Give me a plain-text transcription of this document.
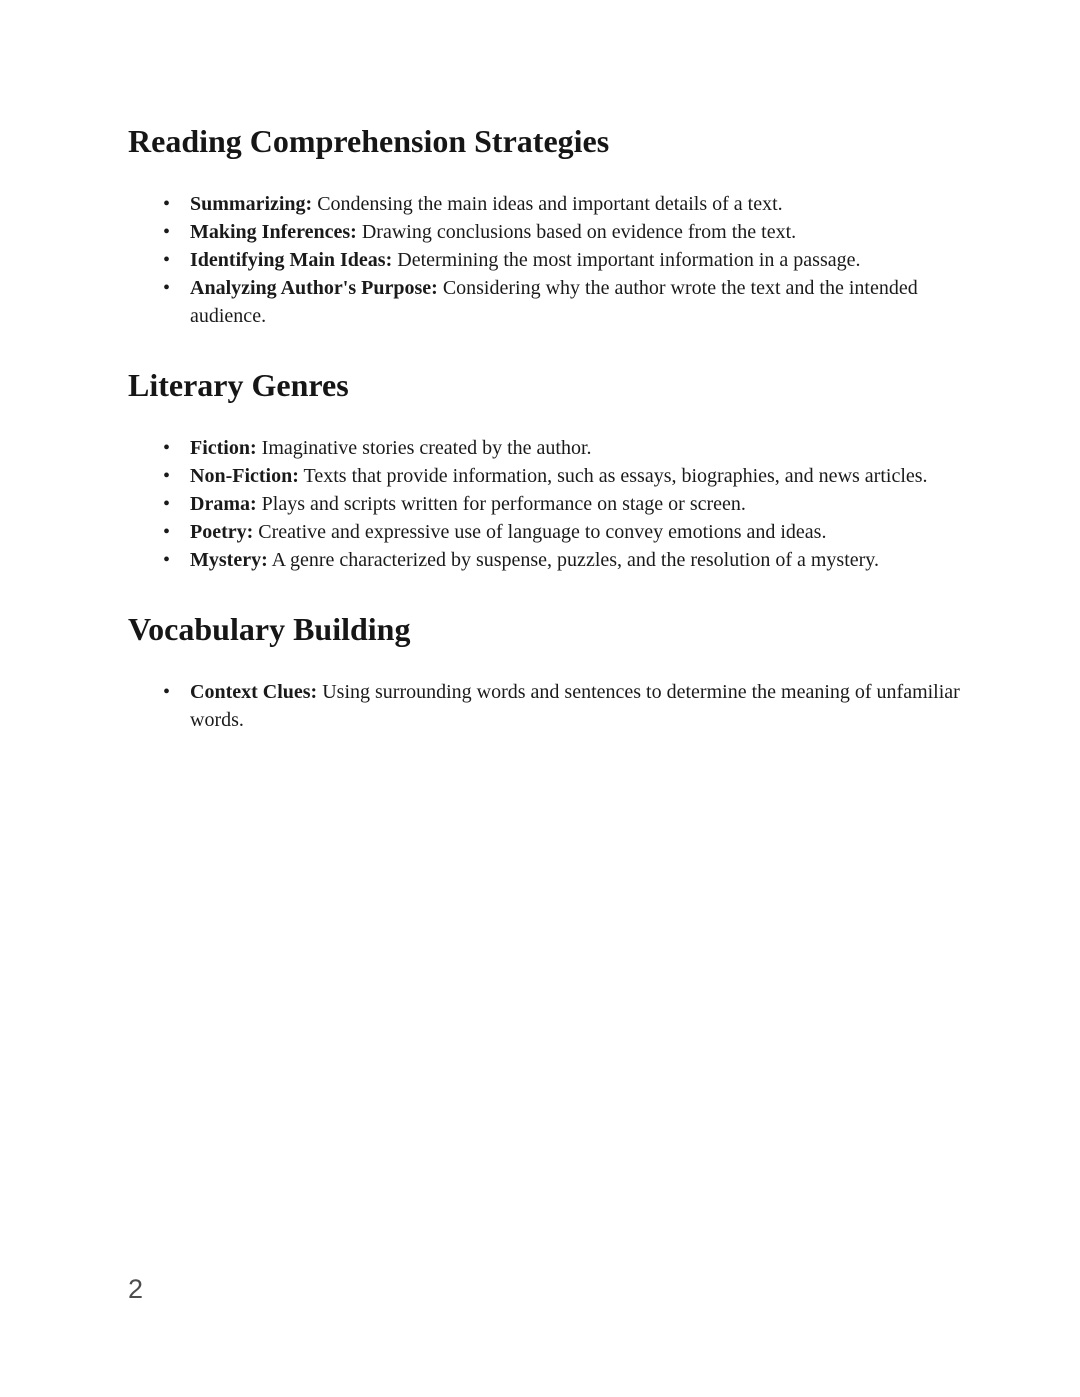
Reading Comprehension Strategies
• Summarizing: Condensing the main ideas and important details of a text.
• Making Inferences: Drawing conclusions based on evidence from the text.
• Identifying Main Ideas: Determining the most important information in a passage.
• Analyzing Author's Purpose: Considering why the author wrote the text and the intended audience.
Literary Genres
• Fiction: Imaginative stories created by the author.
• Non-Fiction: Texts that provide information, such as essays, biographies, and news articles.
• Drama: Plays and scripts written for performance on stage or screen.
• Poetry: Creative and expressive use of language to convey emotions and ideas.
• Mystery: A genre characterized by suspense, puzzles, and the resolution of a mystery.
Vocabulary Building
• Context Clues: Using surrounding words and sentences to determine the meaning of unfamiliar words.
2
